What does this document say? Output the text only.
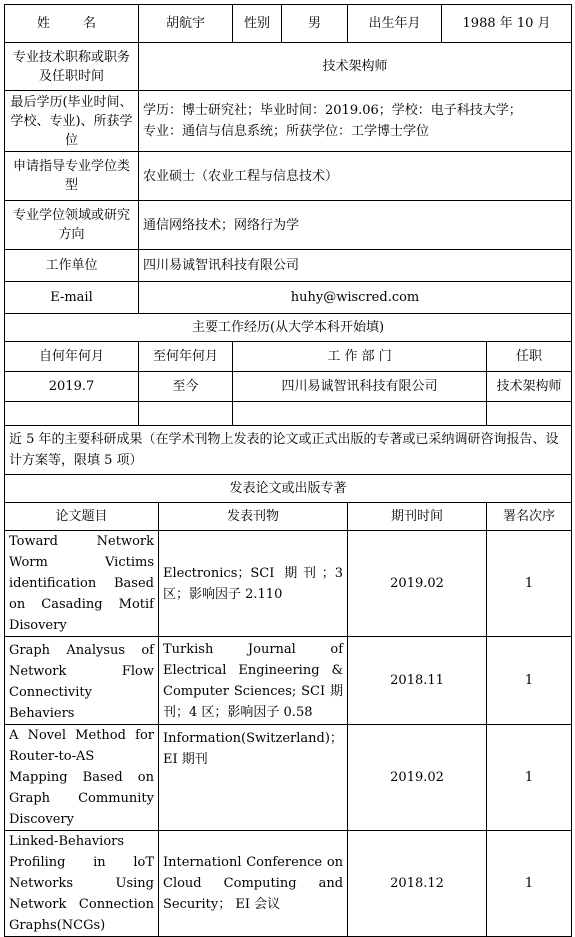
姓　名	胡航宇		性别	男	出生年月	1988 年 10 月	
专业技术职称或职务及任职时间	技术架构师						
最后学历(毕业时间、学校、专业)、所获学位	学历：博士研究社；毕业时间：2019.06；学校：电子科技大学；
专业：通信与信息系统；所获学位：工学博士学位						

申请指导专业学位类型	农业硕士（农业工程与信息技术）						
专业学位领域或研究方向	通信网络技术；网络行为学						
工作单位	四川易诚智讯科技有限公司						
E-mail	huhy@wiscred.com						
主要工作经历(从大学本科开始填)							
自何年何月	至何年何月		工 作 部 门				任职
2019.7	至今		四川易诚智讯科技有限公司				技术架构师

近 5 年的主要科研成果（在学术刊物上发表的论文或正式出版的专著或已采纳调研咨询报告、设计方案等，限填 5 项）							
发表论文或出版专著							
论文题目		发表刊物			期刊时间		署名次序
Toward Network Worm Victims identification Based on Casading Motif Disovery		Electronics；SCI 期刊；3 区；影响因子 2.110			2019.02		1
Graph Analysus of Network Flow Connectivity Behaviers		Turkish Journal of Electrical Engineering & Computer Sciences; SCI 期刊；4 区；影响因子 0.58			2018.11		1
A Novel Method for Router-to-AS Mapping Based on Graph Community Discovery		Information(Switzerland)；EI 期刊			2019.02		1
Linked-Behaviors Profiling in loT Networks Using Network Connection Graphs(NCGs)		Internationl Conference on Cloud Computing and Security； EI 会议			2018.12		1
